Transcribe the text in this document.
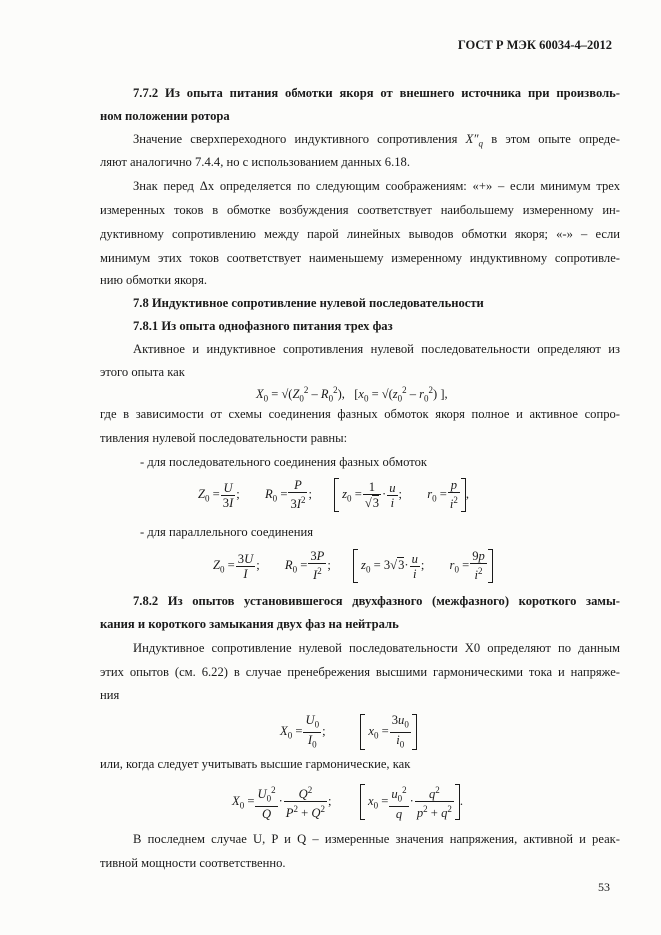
ГОСТ Р МЭК 60034-4–2012
7.7.2 Из опыта питания обмотки якоря от внешнего источника при произволь-
ном положении ротора
Значение сверхпереходного индуктивного сопротивления $X''_q$ в этом опыте опреде-
ляют аналогично 7.4.4, но с использованием данных 6.18.
Знак перед Δx определяется по следующим соображениям: «+» – если минимум трех
измеренных токов в обмотке возбуждения соответствует наибольшему измеренному ин-
дуктивному сопротивлению между парой линейных выводов обмотки якоря; «-» – если
минимум этих токов соответствует наименьшему измеренному индуктивному сопротивле-
нию обмотки якоря.
7.8 Индуктивное сопротивление нулевой последовательности
7.8.1 Из опыта однофазного питания трех фаз
Активное и индуктивное сопротивления нулевой последовательности определяют из
этого опыта как
$X_0 = √(Z_0^2 - R_0^2)$,   [$x_0 = √(z_0^2 - r_0^2)$ ],
где в зависимости от схемы соединения фазных обмоток якоря полное и активное сопро-
тивления нулевой последовательности равны:
- для последовательного соединения фазных обмоток
$Z_0 = \frac{U}{3I}$ ;        $R_0 = \frac{P}{3I^2}$ ;        $z_0 = \frac{1}{√3} \cdot \frac{u}{i}$ ;        $r_0 = \frac{p}{i^2}$ ,
- для параллельного соединения
$Z_0 = \frac{3U}{I}$ ;        $R_0 = \frac{3P}{I^2}$ ;        $z_0 = 3√3\cdot \frac{u}{i}$ ;        $r_0 = \frac{9p}{i^2}$
7.8.2 Из опытов установившегося двухфазного (межфазного) короткого замы-
кания и короткого замыкания двух фаз на нейтраль
Индуктивное сопротивление нулевой последовательности X0 определяют по данным
этих опытов (см. 6.22) в случае пренебрежения высшими гармоническими тока и напряже-
ния
$X_0 = \frac{U_0}{I_0}$ ;            $x_0 = \frac{3u_0}{i_0}$
или, когда следует учитывать высшие гармонические, как
$X_0 = \frac{U_0^2}{Q} \cdot \frac{Q^2}{P^2 + Q^2}$ ;          $x_0 = \frac{u_0^2}{q} \cdot \frac{q^2}{p^2 + q^2}$ .
В последнем случае U, P и Q – измеренные значения напряжения, активной и реак-
тивной мощности соответственно.
53
